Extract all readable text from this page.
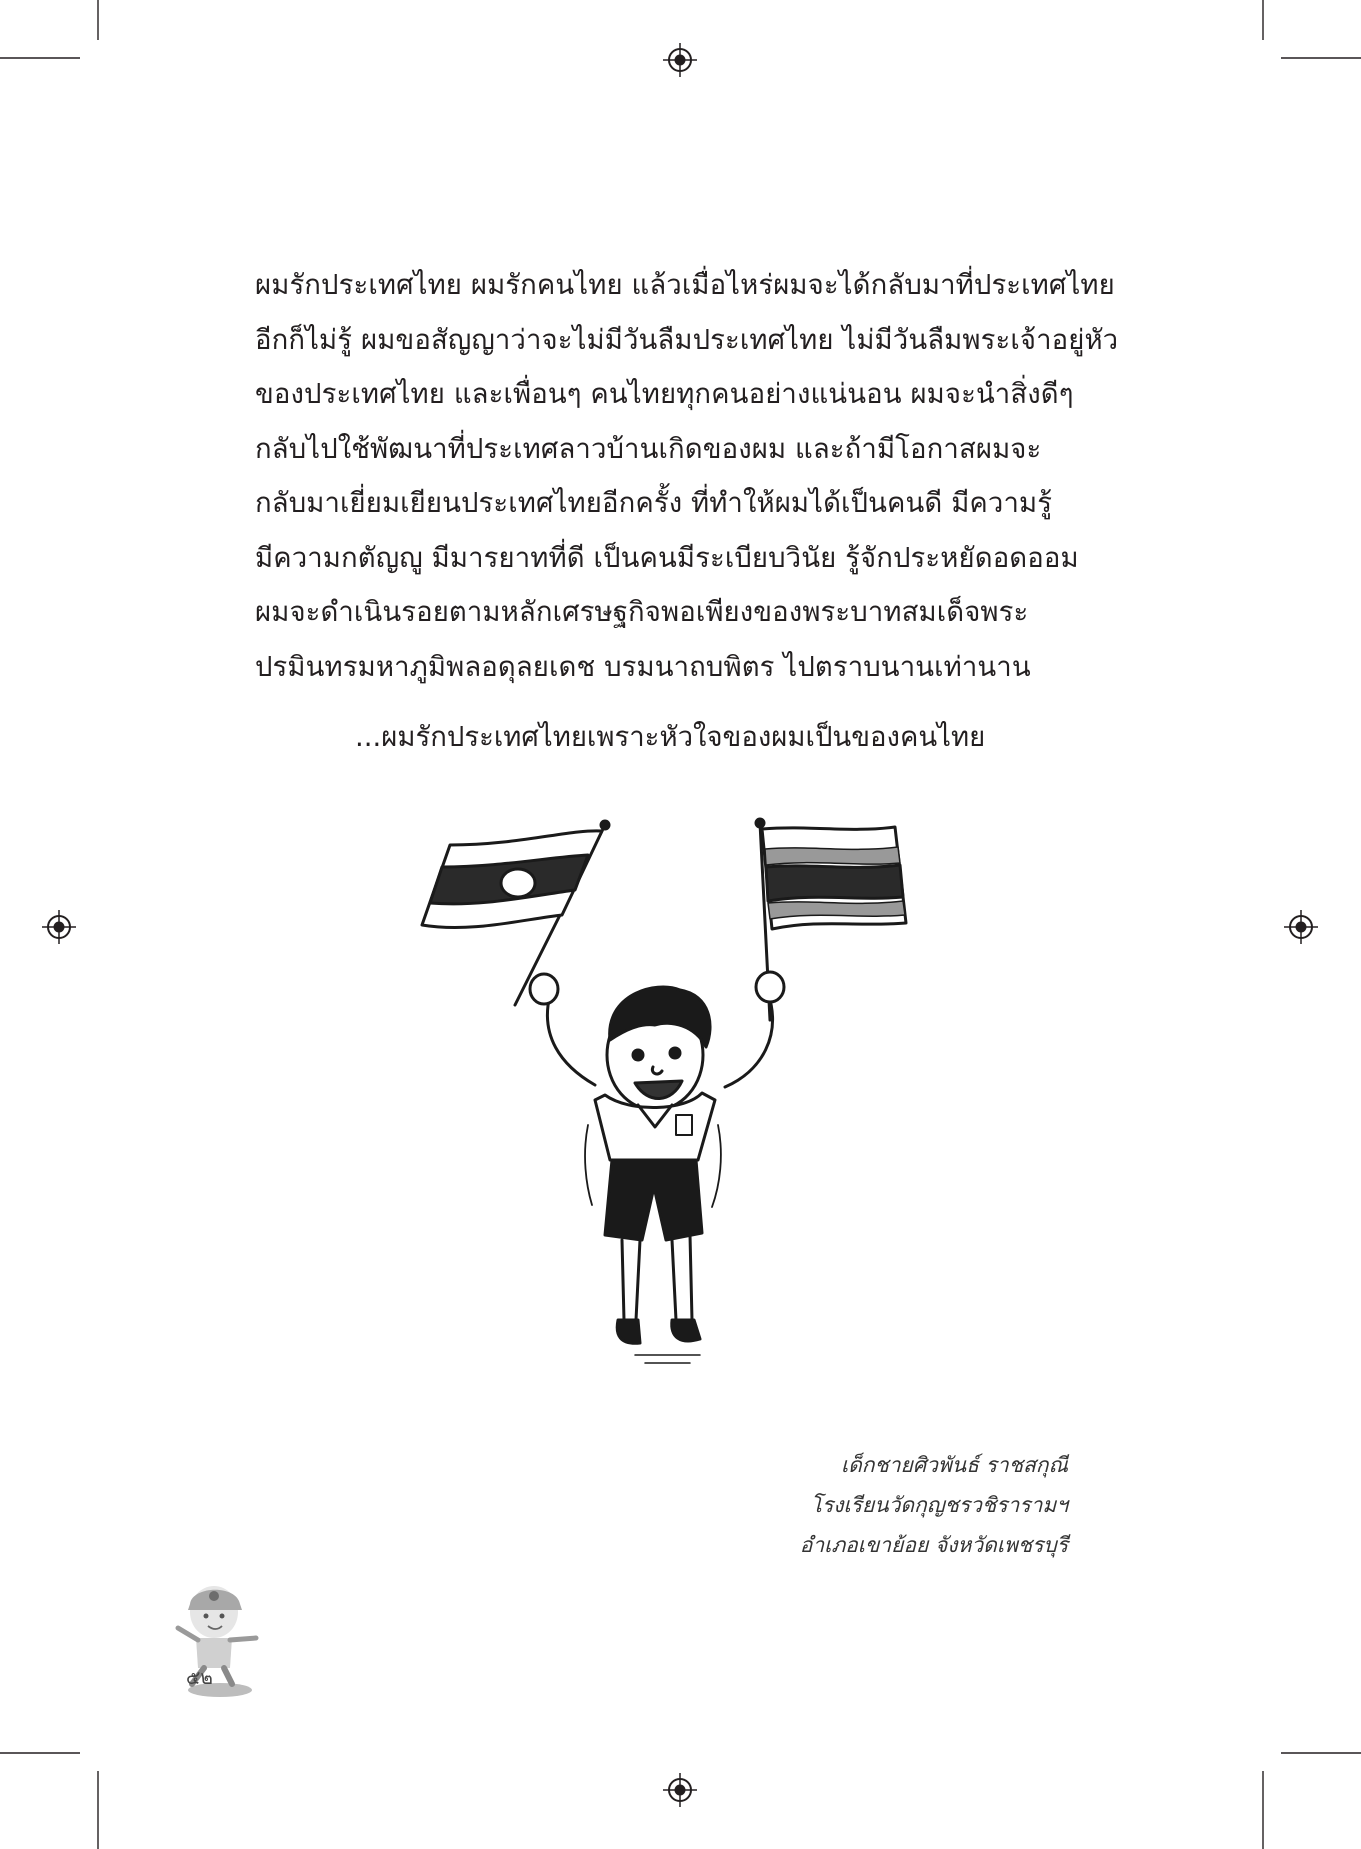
ผมรักประเทศไทย ผมรักคนไทย แล้วเมื่อไหร่ผมจะได้กลับมาที่ประเทศไทย
อีกก็ไม่รู้ ผมขอสัญญาว่าจะไม่มีวันลืมประเทศไทย ไม่มีวันลืมพระเจ้าอยู่หัว
ของประเทศไทย และเพื่อนๆ คนไทยทุกคนอย่างแน่นอน ผมจะนำสิ่งดีๆ
กลับไปใช้พัฒนาที่ประเทศลาวบ้านเกิดของผม และถ้ามีโอกาสผมจะ
กลับมาเยี่ยมเยียนประเทศไทยอีกครั้ง ที่ทำให้ผมได้เป็นคนดี มีความรู้
มีความกตัญญู มีมารยาทที่ดี เป็นคนมีระเบียบวินัย รู้จักประหยัดอดออม
ผมจะดำเนินรอยตามหลักเศรษฐกิจพอเพียงของพระบาทสมเด็จพระ
ปรมินทรมหาภูมิพลอดุลยเดช บรมนาถบพิตร ไปตราบนานเท่านาน
...ผมรักประเทศไทยเพราะหัวใจของผมเป็นของคนไทย
เด็กชายศิวพันธ์ ราชสกุณี
โรงเรียนวัดกุญชรวชิรารามฯ
อำเภอเขาย้อย จังหวัดเพชรบุรี
๕๒
